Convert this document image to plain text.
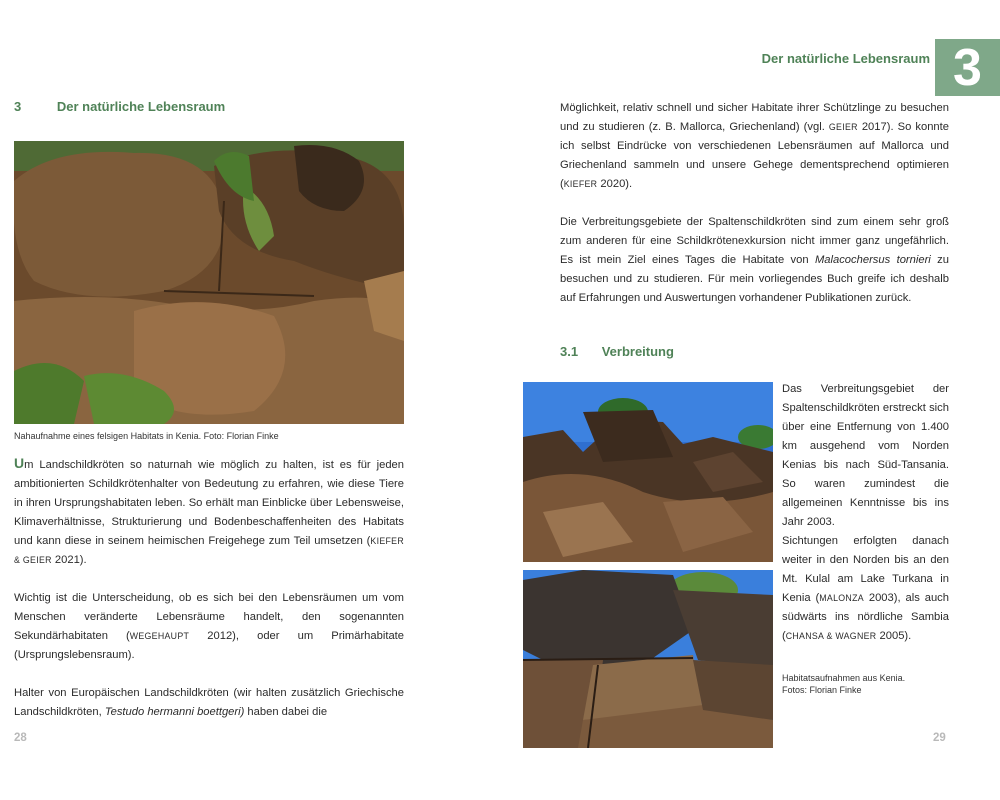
3	Der natürliche Lebensraum
Nahaufnahme eines felsigen Habitats in Kenia. Foto: Florian Finke

Um Landschildkröten so naturnah wie möglich zu halten, ist es für jeden ambitionierten Schildkrötenhalter von Bedeutung zu erfahren, wie diese Tiere in ihren Ursprungshabitaten leben. So erhält man Einblicke über Lebensweise, Klimaverhältnisse, Strukturierung und Bodenbeschaffenheiten des Habitats und kann diese in seinem heimischen Freigehege zum Teil umsetzen (KIEFER & GEIER 2021).

Wichtig ist die Unterscheidung, ob es sich bei den Lebensräumen um vom Menschen veränderte Lebensräume handelt, den sogenannten Sekundärhabitaten (WEGEHAUPT 2012), oder um Primärhabitate (Ursprungslebensraum).

Halter von Europäischen Landschildkröten (wir halten zusätzlich Griechische Landschildkröten, Testudo hermanni boettgeri) haben dabei die

28
Der natürliche Lebensraum 3

Möglichkeit, relativ schnell und sicher Habitate ihrer Schützlinge zu besuchen und zu studieren (z. B. Mallorca, Griechenland) (vgl. GEIER 2017). So konnte ich selbst Eindrücke von verschiedenen Lebensräumen auf Mallorca und Griechenland sammeln und unsere Gehege dementsprechend optimieren (KIEFER 2020).

Die Verbreitungsgebiete der Spaltenschildkröten sind zum einem sehr groß zum anderen für eine Schildkrötenexkursion nicht immer ganz ungefährlich. Es ist mein Ziel eines Tages die Habitate von Malacochersus tornieri zu besuchen und zu studieren. Für mein vorliegendes Buch greife ich deshalb auf Erfahrungen und Auswertungen vorhandener Publikationen zurück.

3.1 Verbreitung

Das Verbreitungsgebiet der Spaltenschildkröten erstreckt sich über eine Entfernung von 1.400 km ausgehend vom Norden Kenias bis nach Süd-Tansania. So waren zumindest die allgemeinen Kenntnisse bis ins Jahr 2003.

Sichtungen erfolgten danach weiter in den Norden bis an den Mt. Kulal am Lake Turkana in Kenia (MALONZA 2003), als auch südwärts ins nördliche Sambia (CHANSA & WAGNER 2005).

Habitatsaufnahmen aus Kenia.
Fotos: Florian Finke
29
